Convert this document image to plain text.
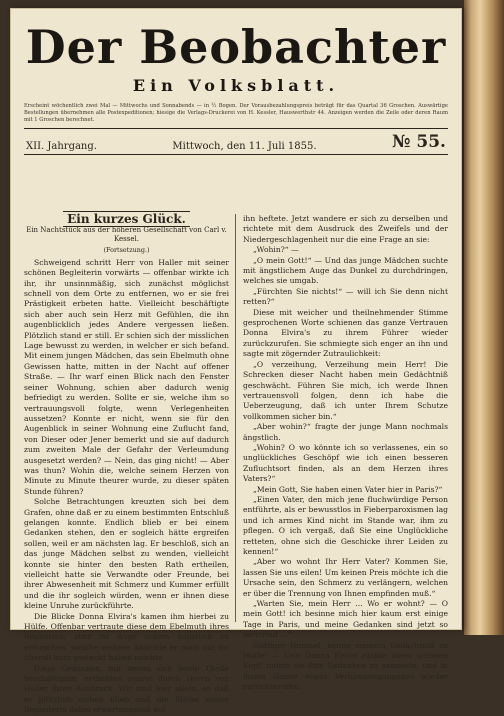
Der Beobachter
Ein Volksblatt.
Erscheint wöchentlich zwei Mal — Mittwochs und Sonnabends — in ½ Bogen. Der Vorausbezahlungspreis beträgt für das Quartal 36 Groschen. Auswärtige Bestellungen übernehmen alle Postexpeditionen; hiesige die Verlags-Druckerei von H. Kessler, Hauswerthstr 44. Anzeigen werden die Zeile oder deren Raum mit 1 Groschen berechnet.
XII. Jahrgang.	Mittwoch, den 11. Juli 1855.	№ 55.
Ein kurzes Glück.
Ein Nachtstück aus der höheren Gesellschaft von Carl v. Kessel.
(Fortsetzung.)

Schweigend schritt Herr von Haller mit seiner schönen Begleiterin vorwärts — offenbar wirkte ich ihr, ihr unsinnmäßig, sich zunächst möglichst schnell von dem Orte zu entfernen, wo er sie frei Prästigkeit erbeten hatte. Vielleicht beschäftigte sich aber auch sein Herz mit Gefühlen, die ihn augenblicklich jedes Andere vergessen ließen. Plötzlich stand er still. Er schien sich der misslichen Lage bewusst zu werden, in welcher er sich befand. Mit einem jungen Mädchen, das sein Ebelmuth ohne Gewissen hatte, mitten in der Nacht auf offener Straße. — Ihr warf einen Blick nach den Fenster seiner Wohnung, schien aber dadurch wenig befriedigt zu werden. Sollte er sie, welche ihm so vertrauungsvoll folgte, wenn Verlegenheiten aussetzen? Konnte er nicht, wenn sie für den Augenblick in seiner Wohnung eine Zuflucht fand, von Dieser oder Jener bemerkt und sie auf dadurch zum zweiten Male der Gefahr der Verleumdung ausgesetzt werden? — Nein, das ging nicht! — Aber was thun? Wohin die, welche seinem Herzen von Minute zu Minute theurer wurde, zu dieser späten Stunde führen?

Solche Betrachtungen kreuzten sich bei dem Grafen, ohne daß er zu einem bestimmten Entschluß gelangen konnte. Endlich blieb er bei einem Gedanken stehen, den er sogleich hätte ergreifen sollen, weil er am nächsten lag. Er beschloß, sich an das junge Mädchen selbst zu wenden, vielleicht konnte sie hinter den besten Rath ertheilen, vielleicht hatte sie Verwandte oder Freunde, bei ihrer Abwesenheit mit Schmerz und Kummer erfüllt und die ihr sogleich würden, wenn er ihnen diese kleine Unruhe zurückführte.

Die Blicke Donna Elvira's kamen ihm hierbei zu Hülfe. Offenbar vertraute diese dem Ebelmuth ihres Begleiters; aber ihr Auge schien ängstlich zu erforschen, welche weitere Absichte er noch mit ihr überall kurz gesteckt haben möchte.

Diese Gedanken, mit denen sich beide Theile beschäftigten, ertheilten zuerst durch Herrn von Haller ihren Ausdruck. Wir sind hier allein, so daß er plötzlich stehen blieb und die Blicke seiner Begleiterin dabei erwartungsvoll auf

ihn heftete. Jetzt wandere er sich zu derselben und richtete mit dem Ausdruck des Zweifels und der Niedergeschlagenheit nur die eine Frage an sie:

„Wohin?“ —

„O mein Gott!“ — Und das junge Mädchen suchte mit ängstlichem Auge das Dunkel zu durchdringen, welches sie umgab.

„Fürchten Sie nichts!“ — will ich Sie denn nicht retten?“

Diese mit weicher und theilnehmender Stimme gesprochenen Worte schienen das ganze Vertrauen Donna Elvira's zu ihrem Führer wieder zurückzurufen. Sie schmiegte sich enger an ihn und sagte mit zögernder Zutraulichkeit:

„O verzeihung, Verzeihung mein Herr! Die Schrecken dieser Nacht haben mein Gedächtniß geschwächt. Führen Sie mich, ich werde Ihnen vertrauensvoll folgen, denn ich habe die Ueberzeugung, daß ich unter Ihrem Schutze vollkommen sicher bin.“

„Aber wohin?“ fragte der junge Mann nochmals ängstlich.

„Wohin? O wo könnte ich so verlassenes, ein so unglückliches Geschöpf wie ich einen besseren Zufluchtsort finden, als an dem Herzen ihres Vaters?“

„Mein Gott, Sie haben einen Vater hier in Paris?“

„Einen Vater, den mich jene fluchwürdige Person entführte, als er bewusstlos in Fieberparoxismen lag und ich armes Kind nicht im Stande war, ihm zu pflegen. O ich vergaß, daß Sie eine Unglückliche retteten, ohne sich die Geschicke ihrer Leiden zu kennen!“

„Aber wo wohnt Ihr Herr Vater? Kommen Sie, lassen Sie uns eilen! Um keinen Preis möchte ich die Ursache sein, den Schmerz zu verlängern, welchen er über die Trennung von Ihnen empfinden muß.“

„Warten Sie, mein Herr ... Wo er wohnt? — O mein Gott! ich besinne mich hier kaum erst einige Tage in Paris, und meine Gedanken sind jetzt so zerstreut ...“

Güttiger Himmel, kenne meinem Gedächtniß zu Hülfe! — Und Donna Elvira rückte ihren schönen Kopf, indem sie ihre Gedanken zu sammeln, und in ihrem Geiste etwas Verlorengegangenes wieder zurückzurufen.
